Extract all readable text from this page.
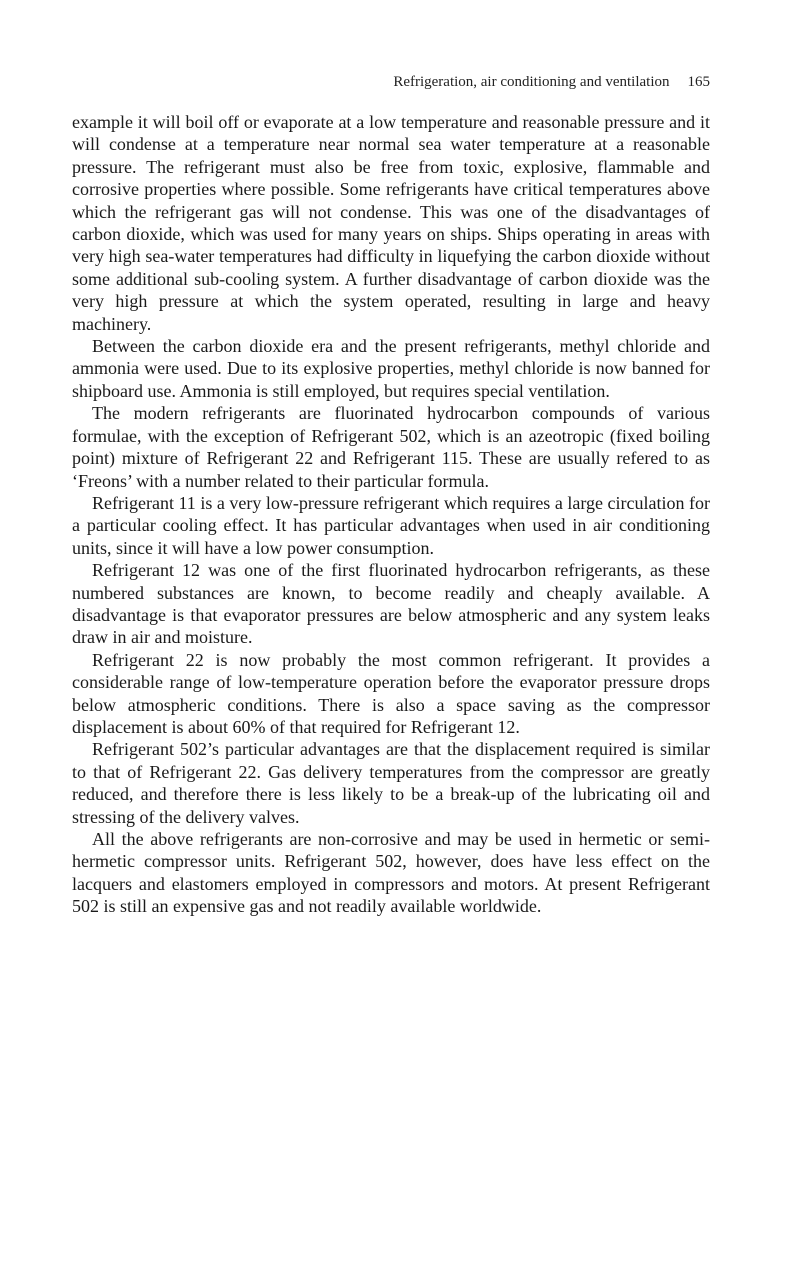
Refrigeration, air conditioning and ventilation 165

example it will boil off or evaporate at a low temperature and reasonable pressure and it will condense at a temperature near normal sea water temperature at a reasonable pressure. The refrigerant must also be free from toxic, explosive, flammable and corrosive properties where possible. Some refrigerants have critical temperatures above which the refrigerant gas will not condense. This was one of the disadvantages of carbon dioxide, which was used for many years on ships. Ships operating in areas with very high sea-water temperatures had difficulty in liquefying the carbon dioxide without some additional sub-cooling system. A further disadvantage of carbon dioxide was the very high pressure at which the system operated, resulting in large and heavy machinery.

Between the carbon dioxide era and the present refrigerants, methyl chloride and ammonia were used. Due to its explosive properties, methyl chloride is now banned for shipboard use. Ammonia is still employed, but requires special ventilation.

The modern refrigerants are fluorinated hydrocarbon compounds of various formulae, with the exception of Refrigerant 502, which is an azeotropic (fixed boiling point) mixture of Refrigerant 22 and Refrigerant 115. These are usually refered to as ‘Freons’ with a number related to their particular formula.

Refrigerant 11 is a very low-pressure refrigerant which requires a large circulation for a particular cooling effect. It has particular advantages when used in air conditioning units, since it will have a low power consumption.

Refrigerant 12 was one of the first fluorinated hydrocarbon refrigerants, as these numbered substances are known, to become readily and cheaply available. A disadvantage is that evaporator pressures are below atmospheric and any system leaks draw in air and moisture.

Refrigerant 22 is now probably the most common refrigerant. It provides a considerable range of low-temperature operation before the evaporator pressure drops below atmospheric conditions. There is also a space saving as the compressor displacement is about 60% of that required for Refrigerant 12.

Refrigerant 502’s particular advantages are that the displacement required is similar to that of Refrigerant 22. Gas delivery temperatures from the compressor are greatly reduced, and therefore there is less likely to be a break-up of the lubricating oil and stressing of the delivery valves.

All the above refrigerants are non-corrosive and may be used in hermetic or semi-hermetic compressor units. Refrigerant 502, however, does have less effect on the lacquers and elastomers employed in compressors and motors. At present Refrigerant 502 is still an expensive gas and not readily available worldwide.
